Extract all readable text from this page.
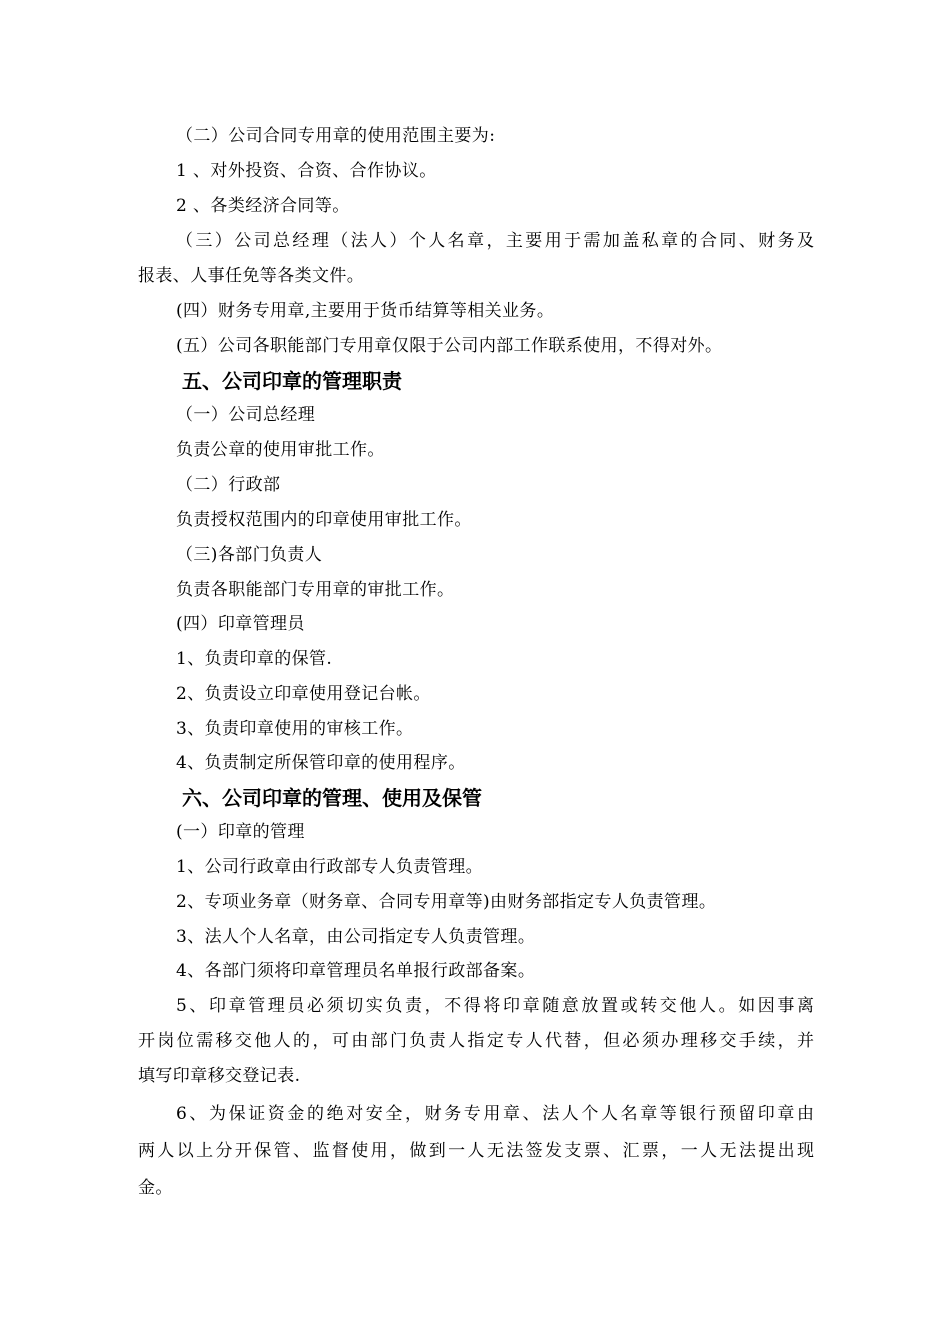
（二）公司合同专用章的使用范围主要为:
1 、对外投资、合资、合作协议。
2 、各类经济合同等。
（三）公司总经理（法人）个人名章，主要用于需加盖私章的合同、财务及
报表、人事任免等各类文件。
(四）财务专用章,主要用于货币结算等相关业务。
(五）公司各职能部门专用章仅限于公司内部工作联系使用，不得对外。
五、公司印章的管理职责
（一）公司总经理
负责公章的使用审批工作。
（二）行政部
负责授权范围内的印章使用审批工作。
（三)各部门负责人
负责各职能部门专用章的审批工作。
(四）印章管理员
1、负责印章的保管.
2、负责设立印章使用登记台帐。
3、负责印章使用的审核工作。
4、负责制定所保管印章的使用程序。
六、公司印章的管理、使用及保管
(一）印章的管理
1、公司行政章由行政部专人负责管理。
2、专项业务章（财务章、合同专用章等)由财务部指定专人负责管理。
3、法人个人名章，由公司指定专人负责管理。
4、各部门须将印章管理员名单报行政部备案。
5、印章管理员必须切实负责，不得将印章随意放置或转交他人。如因事离
开岗位需移交他人的，可由部门负责人指定专人代替，但必须办理移交手续，并
填写印章移交登记表.
6、为保证资金的绝对安全，财务专用章、法人个人名章等银行预留印章由
两人以上分开保管、监督使用，做到一人无法签发支票、汇票，一人无法提出现
金。
